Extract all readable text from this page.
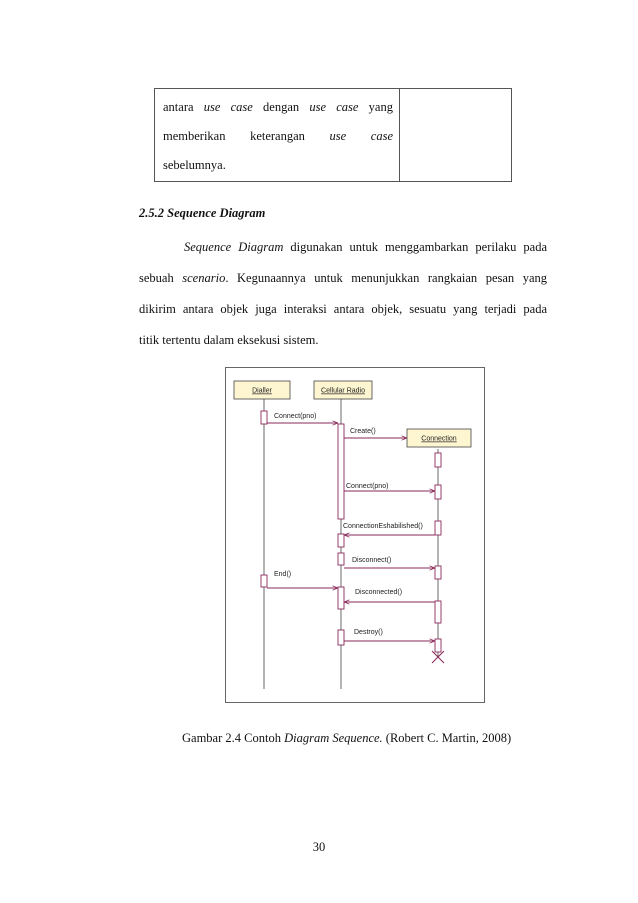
antara use case dengan use case yang
memberikan keterangan use case
sebelumnya.
2.5.2 Sequence Diagram
Sequence Diagram digunakan untuk menggambarkan perilaku pada
sebuah scenario. Kegunaannya untuk menunjukkan rangkaian pesan yang
dikirim antara objek juga interaksi antara objek, sesuatu yang terjadi pada
titik tertentu dalam eksekusi sistem.
Dialler	Cellular Radio
Connection
Connect(pno)
Create()
Connect(pno)
ConnectionEshabilished()
Disconnect()
End()
Disconnected()
Destroy()
Gambar 2.4 Contoh Diagram Sequence. (Robert C. Martin, 2008)
30
